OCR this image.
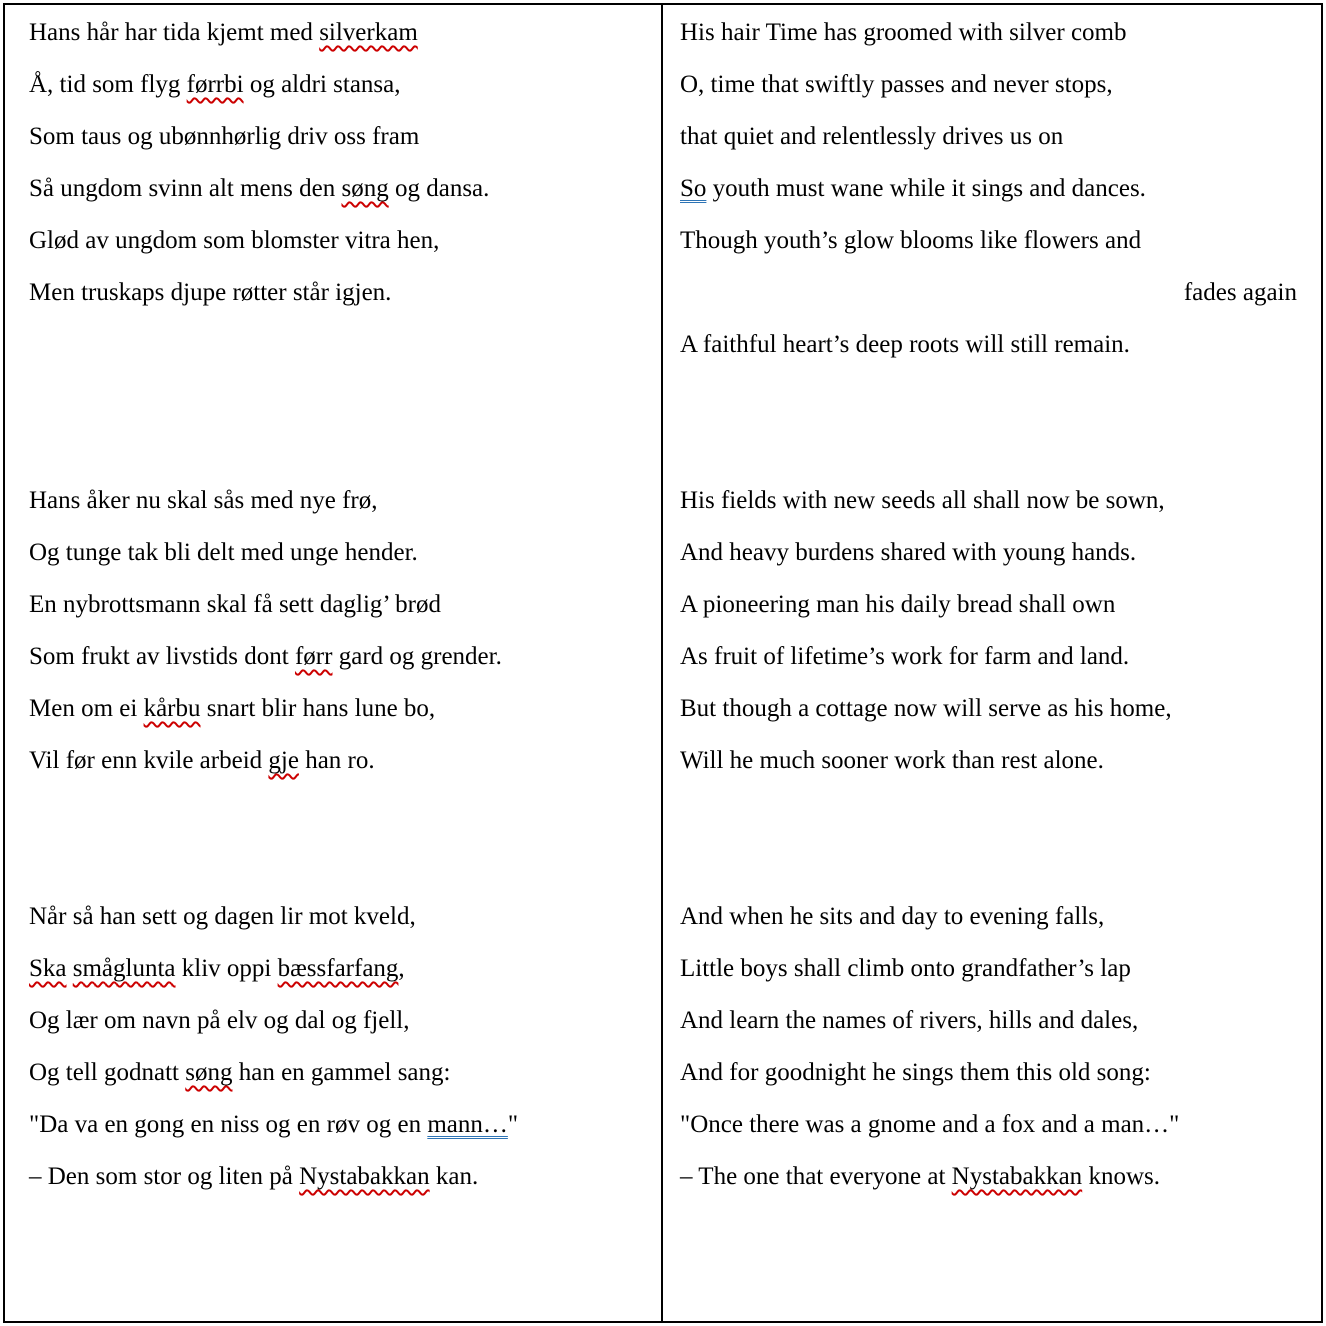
Hans hår har tida kjemt med silverkam

Å, tid som flyg førrbi og aldri stansa,

Som taus og ubønnhørlig driv oss fram

Så ungdom svinn alt mens den søng og dansa.

Glød av ungdom som blomster vitra hen,

Men truskaps djupe røtter står igjen.

Hans åker nu skal sås med nye frø,

Og tunge tak bli delt med unge hender.

En nybrottsmann skal få sett daglig’ brød

Som frukt av livstids dont førr gard og grender.

Men om ei kårbu snart blir hans lune bo,

Vil før enn kvile arbeid gje han ro.

Når så han sett og dagen lir mot kveld,

Ska småglunta kliv oppi bæssfarfang,

Og lær om navn på elv og dal og fjell,

Og tell godnatt søng han en gammel sang:

"Da va en gong en niss og en røv og en mann…"

– Den som stor og liten på Nystabakkan kan.

His hair Time has groomed with silver comb

O, time that swiftly passes and never stops,

that quiet and relentlessly drives us on

So youth must wane while it sings and dances.

Though youth’s glow blooms like flowers and

fades again

A faithful heart’s deep roots will still remain.

His fields with new seeds all shall now be sown,

And heavy burdens shared with young hands.

A pioneering man his daily bread shall own

As fruit of lifetime’s work for farm and land.

But though a cottage now will serve as his home,

Will he much sooner work than rest alone.

And when he sits and day to evening falls,

Little boys shall climb onto grandfather’s lap

And learn the names of rivers, hills and dales,

And for goodnight he sings them this old song:

"Once there was a gnome and a fox and a man…"

– The one that everyone at Nystabakkan knows.
